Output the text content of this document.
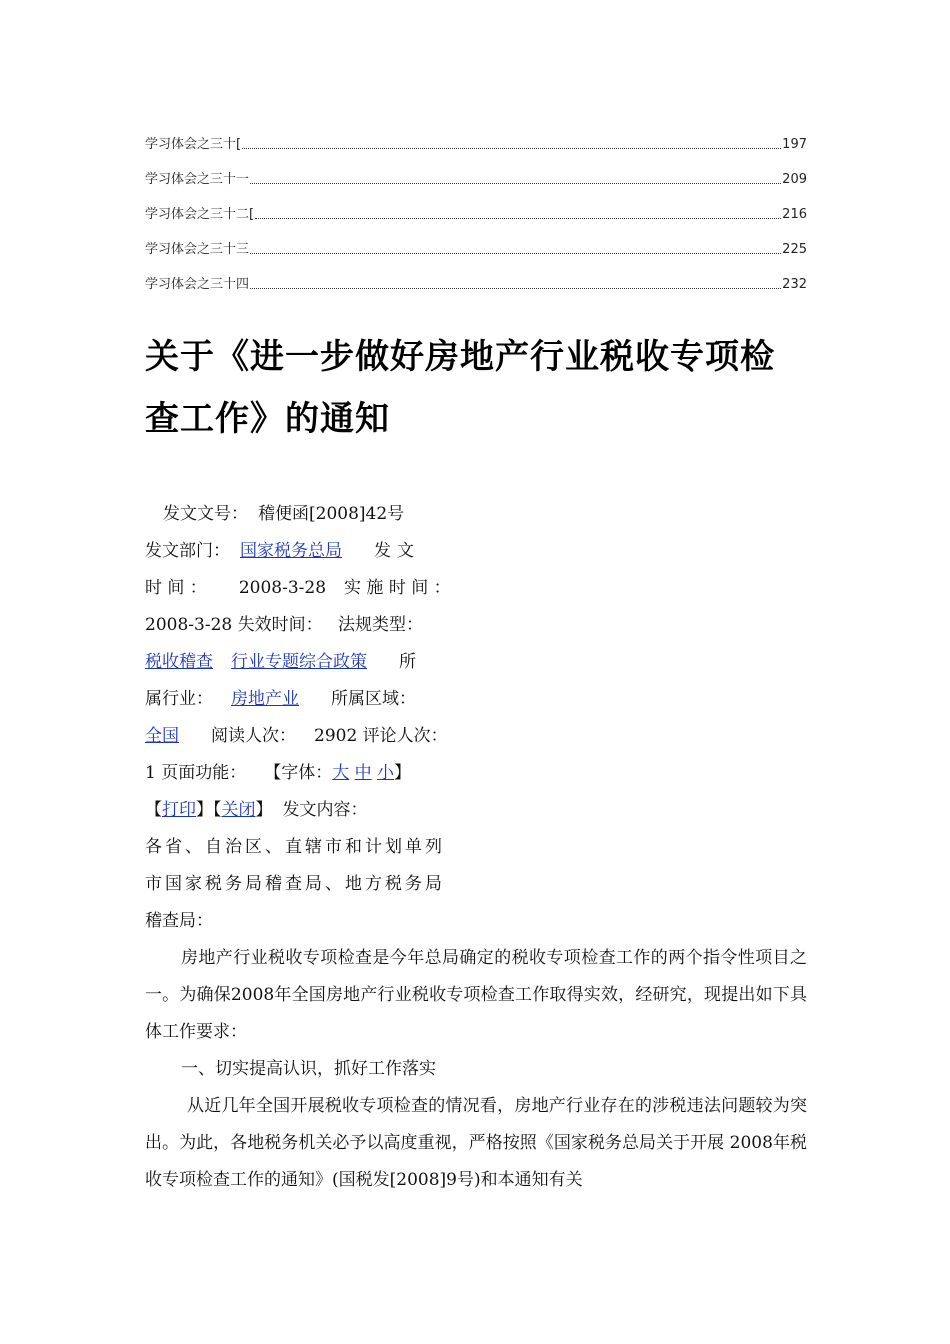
学习体会之三十[	197
学习体会之三十一	209
学习体会之三十二[	216
学习体会之三十三	225
学习体会之三十四	232
关于《进一步做好房地产行业税收专项检
查工作》的通知
发文文号： 稽便函[2008]42号
发文部门： 国家税务总局 发文
时 间 ： 2008-3-28 实 施 时 间 ：
2008-3-28 失效时间： 法规类型：
税收稽查 行业专题综合政策 所
属行业： 房地产业 所属区域：
全国 阅读人次： 2902 评论人次：
1 页面功能： 【字体：大 中 小】
【打印】【关闭】 发文内容：
各省、自治区、直辖市和计划单列
市国家税务局稽查局、地方税务局
稽查局：

房地产行业税收专项检查是今年总局确定的税收专项检查工作的两个指令性项目之一。为确保2008年全国房地产行业税收专项检查工作取得实效，经研究，现提出如下具体工作要求：

一、切实提高认识，抓好工作落实

从近几年全国开展税收专项检查的情况看，房地产行业存在的涉税违法问题较为突出。为此，各地税务机关必予以高度重视，严格按照《国家税务总局关于开展 2008年税收专项检查工作的通知》(国税发[2008]9号)和本通知有关
